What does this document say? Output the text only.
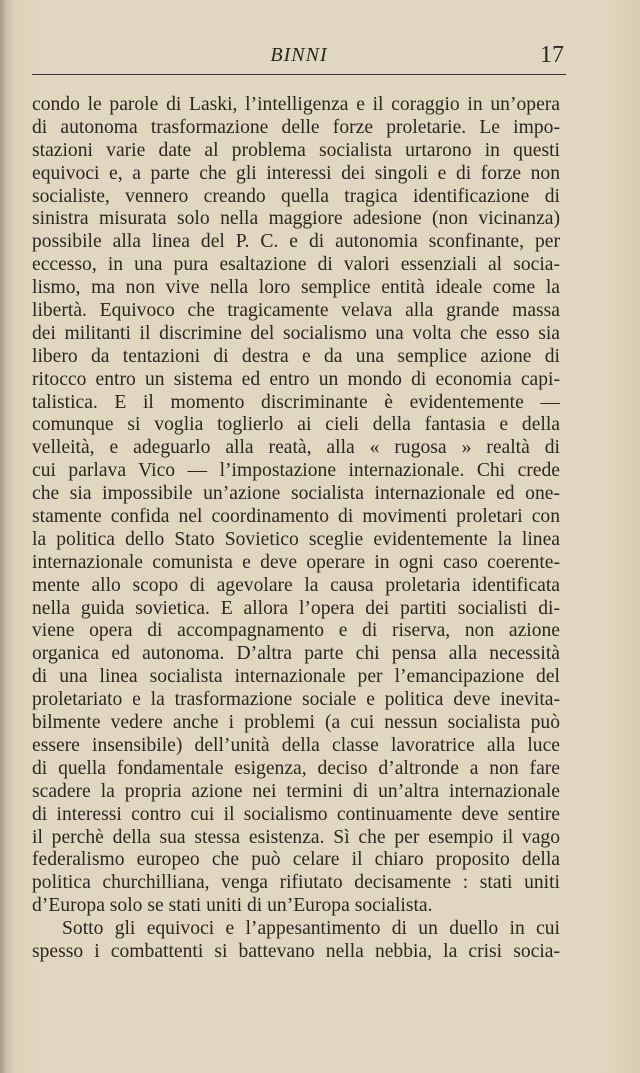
BINNI	17
condo le parole di Laski, l’intelligenza e il coraggio in un’opera
di autonoma trasformazione delle forze proletarie. Le impo-
stazioni varie date al problema socialista urtarono in questi
equivoci e, a parte che gli interessi dei singoli e di forze non
socialiste, vennero creando quella tragica identificazione di
sinistra misurata solo nella maggiore adesione (non vicinanza)
possibile alla linea del P. C. e di autonomia sconfinante, per
eccesso, in una pura esaltazione di valori essenziali al socia-
lismo, ma non vive nella loro semplice entità ideale come la
libertà. Equivoco che tragicamente velava alla grande massa
dei militanti il discrimine del socialismo una volta che esso sia
libero da tentazioni di destra e da una semplice azione di
ritocco entro un sistema ed entro un mondo di economia capi-
talistica. E il momento discriminante è evidentemente —
comunque si voglia toglierlo ai cieli della fantasia e della
velleità, e adeguarlo alla reatà, alla « rugosa » realtà di
cui parlava Vico — l’impostazione internazionale. Chi crede
che sia impossibile un’azione socialista internazionale ed one-
stamente confida nel coordinamento di movimenti proletari con
la politica dello Stato Sovietico sceglie evidentemente la linea
internazionale comunista e deve operare in ogni caso coerente-
mente allo scopo di agevolare la causa proletaria identificata
nella guida sovietica. E allora l’opera dei partiti socialisti di-
viene opera di accompagnamento e di riserva, non azione
organica ed autonoma. D’altra parte chi pensa alla necessità
di una linea socialista internazionale per l’emancipazione del
proletariato e la trasformazione sociale e politica deve inevita-
bilmente vedere anche i problemi (a cui nessun socialista può
essere insensibile) dell’unità della classe lavoratrice alla luce
di quella fondamentale esigenza, deciso d’altronde a non fare
scadere la propria azione nei termini di un’altra internazionale
di interessi contro cui il socialismo continuamente deve sentire
il perchè della sua stessa esistenza. Sì che per esempio il vago
federalismo europeo che può celare il chiaro proposito della
politica churchilliana, venga rifiutato decisamente : stati uniti
d’Europa solo se stati uniti di un’Europa socialista.
Sotto gli equivoci e l’appesantimento di un duello in cui
spesso i combattenti si battevano nella nebbia, la crisi socia-
